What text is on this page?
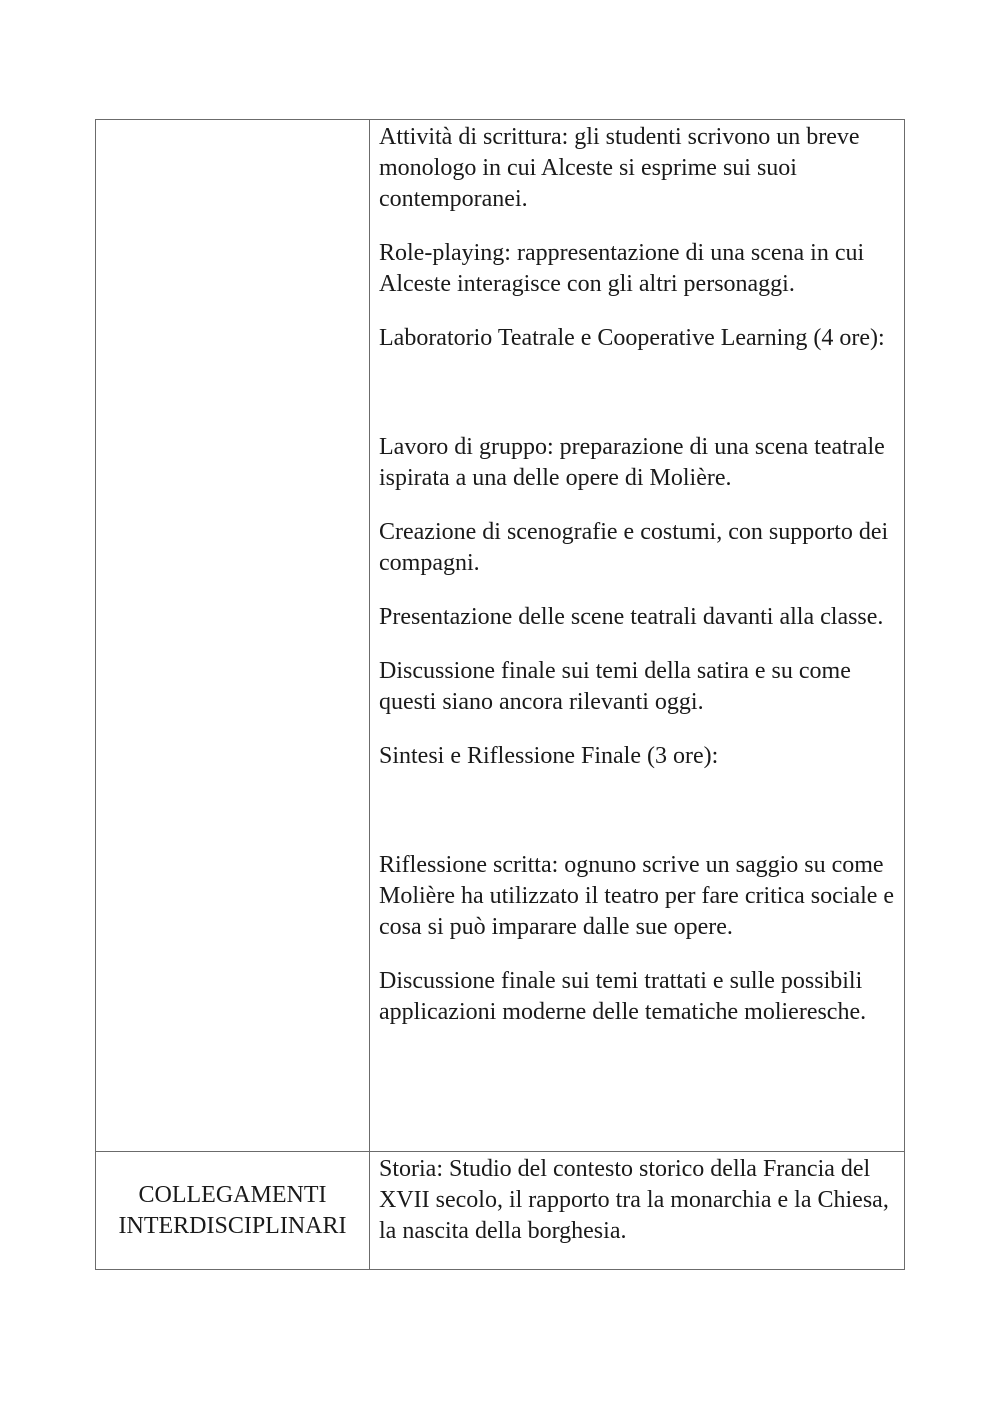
Attività di scrittura: gli studenti scrivono un breve monologo in cui Alceste si esprime sui suoi contemporanei.

Role-playing: rappresentazione di una scena in cui Alceste interagisce con gli altri personaggi.

Laboratorio Teatrale e Cooperative Learning (4 ore):

Lavoro di gruppo: preparazione di una scena teatrale ispirata a una delle opere di Molière.

Creazione di scenografie e costumi, con supporto dei compagni.

Presentazione delle scene teatrali davanti alla classe.

Discussione finale sui temi della satira e su come questi siano ancora rilevanti oggi.

Sintesi e Riflessione Finale (3 ore):

Riflessione scritta: ognuno scrive un saggio su come Molière ha utilizzato il teatro per fare critica sociale e cosa si può imparare dalle sue opere.

Discussione finale sui temi trattati e sulle possibili applicazioni moderne delle tematiche molieresche.

COLLEGAMENTI
INTERDISCIPLINARI

Storia: Studio del contesto storico della Francia del XVII secolo, il rapporto tra la monarchia e la Chiesa, la nascita della borghesia.
